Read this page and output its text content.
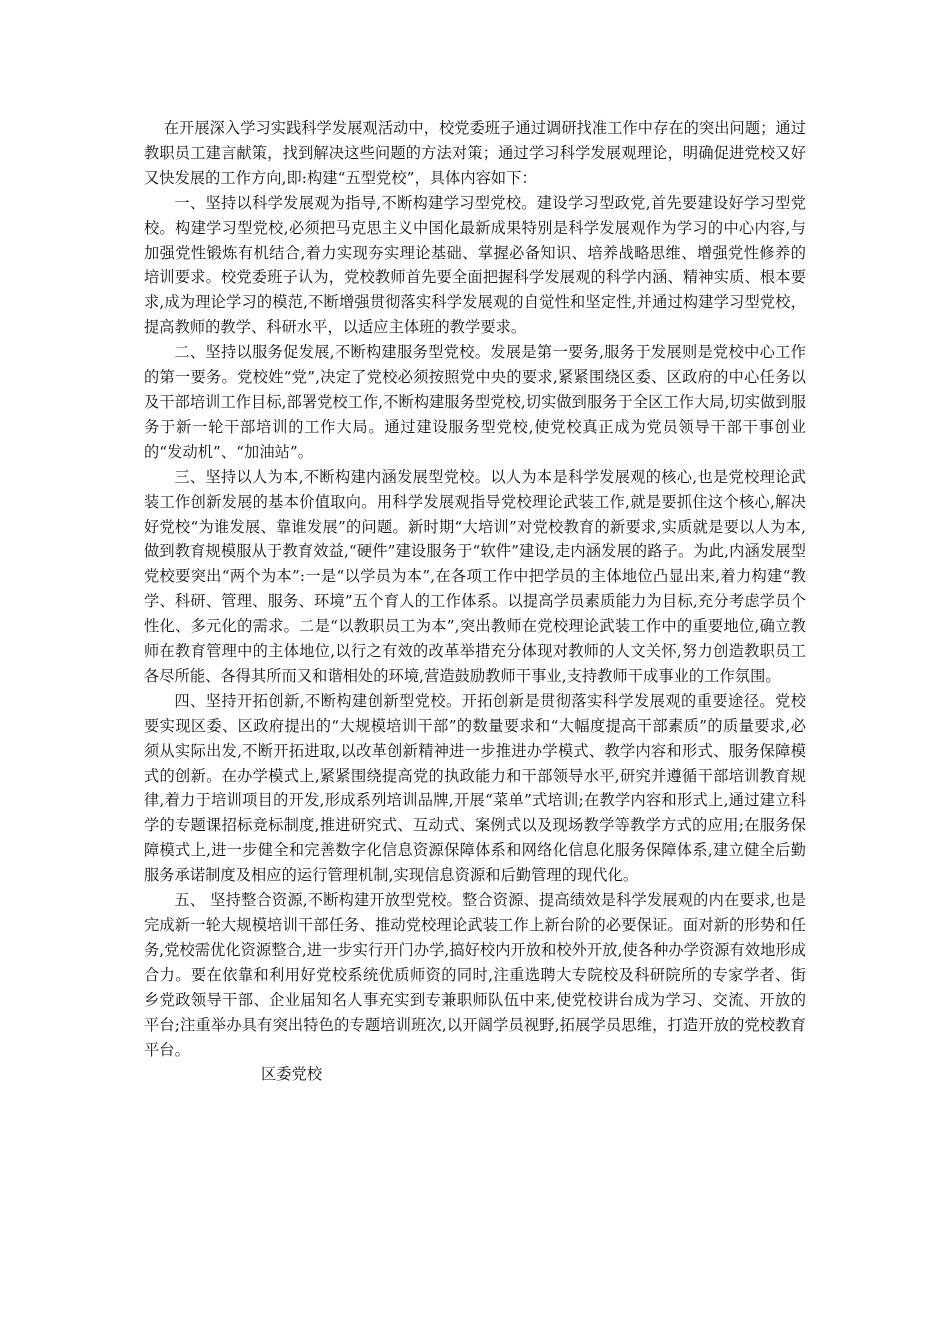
在开展深入学习实践科学发展观活动中，校党委班子通过调研找准工作中存在的突出问题；通过教职员工建言献策，找到解决这些问题的方法对策；通过学习科学发展观理论，明确促进党校又好又快发展的工作方向,即:构建“五型党校”，具体内容如下：

一、坚持以科学发展观为指导,不断构建学习型党校。建设学习型政党,首先要建设好学习型党校。构建学习型党校,必须把马克思主义中国化最新成果特别是科学发展观作为学习的中心内容,与加强党性锻炼有机结合,着力实现夯实理论基础、掌握必备知识、培养战略思维、增强党性修养的培训要求。校党委班子认为，党校教师首先要全面把握科学发展观的科学内涵、精神实质、根本要求,成为理论学习的模范,不断增强贯彻落实科学发展观的自觉性和坚定性,并通过构建学习型党校，提高教师的教学、科研水平，以适应主体班的教学要求。

二、坚持以服务促发展,不断构建服务型党校。发展是第一要务,服务于发展则是党校中心工作的第一要务。党校姓“党”,决定了党校必须按照党中央的要求,紧紧围绕区委、区政府的中心任务以及干部培训工作目标,部署党校工作,不断构建服务型党校,切实做到服务于全区工作大局,切实做到服务于新一轮干部培训的工作大局。通过建设服务型党校,使党校真正成为党员领导干部干事创业的“发动机”、“加油站”。

三、坚持以人为本,不断构建内涵发展型党校。以人为本是科学发展观的核心,也是党校理论武装工作创新发展的基本价值取向。用科学发展观指导党校理论武装工作,就是要抓住这个核心,解决好党校“为谁发展、靠谁发展”的问题。新时期“大培训”对党校教育的新要求,实质就是要以人为本,做到教育规模服从于教育效益,“硬件”建设服务于“软件”建设,走内涵发展的路子。为此,内涵发展型党校要突出“两个为本”:一是“以学员为本”,在各项工作中把学员的主体地位凸显出来,着力构建“教学、科研、管理、服务、环境”五个育人的工作体系。以提高学员素质能力为目标,充分考虑学员个性化、多元化的需求。二是“以教职员工为本”,突出教师在党校理论武装工作中的重要地位,确立教师在教育管理中的主体地位,以行之有效的改革举措充分体现对教师的人文关怀,努力创造教职员工各尽所能、各得其所而又和谐相处的环境,营造鼓励教师干事业,支持教师干成事业的工作氛围。

四、坚持开拓创新,不断构建创新型党校。开拓创新是贯彻落实科学发展观的重要途径。党校要实现区委、区政府提出的“大规模培训干部”的数量要求和“大幅度提高干部素质”的质量要求,必须从实际出发,不断开拓进取,以改革创新精神进一步推进办学模式、教学内容和形式、服务保障模式的创新。在办学模式上,紧紧围绕提高党的执政能力和干部领导水平,研究并遵循干部培训教育规律,着力于培训项目的开发,形成系列培训品牌,开展“菜单”式培训;在教学内容和形式上,通过建立科学的专题课招标竞标制度,推进研究式、互动式、案例式以及现场教学等教学方式的应用;在服务保障模式上,进一步健全和完善数字化信息资源保障体系和网络化信息化服务保障体系,建立健全后勤服务承诺制度及相应的运行管理机制,实现信息资源和后勤管理的现代化。

五、 坚持整合资源,不断构建开放型党校。整合资源、提高绩效是科学发展观的内在要求,也是完成新一轮大规模培训干部任务、推动党校理论武装工作上新台阶的必要保证。面对新的形势和任务,党校需优化资源整合,进一步实行开门办学,搞好校内开放和校外开放,使各种办学资源有效地形成合力。要在依靠和利用好党校系统优质师资的同时,注重选聘大专院校及科研院所的专家学者、街乡党政领导干部、企业届知名人事充实到专兼职师队伍中来,使党校讲台成为学习、交流、开放的平台;注重举办具有突出特色的专题培训班次,以开阔学员视野,拓展学员思维，打造开放的党校教育平台。

区委党校
